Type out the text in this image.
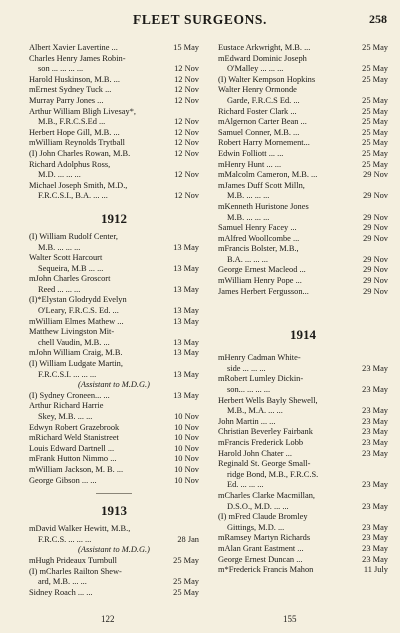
FLEET SURGEONS.	258
Albert Xavier Lavertine ...	15 May
Charles Henry James Robin-
son ... ... ... ...	12 Nov
Harold Huskinson, M.B. ...	12 Nov
mErnest Sydney Tuck ...	12 Nov
Murray Parry Jones ...	12 Nov
Arthur William Bligh Livesay*,
M.B., F.R.C.S.Ed ...	12 Nov
Herbert Hope Gill, M.B. ...	12 Nov
mWilliam Reynolds Trytball	12 Nov
(I) John Charles Rowan, M.B.	12 Nov
Richard Adolphus Ross,
M.D. ... ... ...	12 Nov
Michael Joseph Smith, M.D.,
F.R.C.S.I., B.A. ... ...	12 Nov
1912
(I) William Rudolf Center,
M.B. ... ... ...	13 May
Walter Scott Harcourt
Sequeira, M.B ... ...	13 May
mJohn Charles Groscort
Reed ... ... ...	13 May
(I)*Elystan Glodrydd Evelyn
O'Leary, F.R.C.S. Ed. ...	13 May
mWilliam Elmes Mathew ...	13 May
Matthew Livingston Mit-
chell Vaudin, M.B. ...	13 May
mJohn William Craig, M.B.	13 May
(I) William Ludgate Martin,
F.R.C.S.I. ... ... ...	13 May
(Assistant to M.D.G.)
(I) Sydney Croneen... ...	13 May
Arthur Richard Harrie
Skey, M.B. ... ...	10 Nov
Edwyn Robert Grazebrook	10 Nov
mRichard Weld Stanistreet	10 Nov
Louis Edward Dartnell ...	10 Nov
mFrank Hutton Nimmo ...	10 Nov
mWilliam Jackson, M. B. ...	10 Nov
George Gibson ... ...	10 Nov
1913
mDavid Walker Hewitt, M.B.,
F.R.C.S. ... ... ...	28 Jan
(Assistant to M.D.G.)
mHugh Prideaux Turnbull	25 May
(I) mCharles Railton Shew-
ard, M.B. ... ...	25 May
Sidney Roach ... ...	25 May
Eustace Arkwright, M.B. ...	25 May
mEdward Dominic Joseph
O'Malley ... ... ...	25 May
(I) Walter Kempson Hopkins	25 May
Walter Henry Ormonde
Garde, F.R.C.S Ed. ...	25 May
Richard Foster Clark ...	25 May
mAlgernon Carter Bean ...	25 May
Samuel Conner, M.B. ...	25 May
Robert Harry Mornement...	25 May
Edwin Folliott ... ...	25 May
mHenry Hunt ... ...	25 May
mMalcolm Cameron, M.B. ...	29 Nov
mJames Duff Scott Milln,
M.B. ... ... ...	29 Nov
mKenneth Huristone Jones
M.B. ... ... ...	29 Nov
Samuel Henry Facey ...	29 Nov
mAlfred Woollcombe ...	29 Nov
mFrancis Bolster, M.B.,
B.A. ... ... ...	29 Nov
George Ernest Macleod ...	29 Nov
mWilliam Henry Pope ...	29 Nov
James Herbert Fergusson...	29 Nov
1914
mHenry Cadman White-
side ... ... ...	23 May
mRobert Lumley Dickin-
son... ... ... ...	23 May
Herbert Wells Bayly Shewell,
M.B., M.A. ... ...	23 May
John Martin ... ...	23 May
Christian Beverley Fairbank	23 May
mFrancis Frederick Lobb	23 May
Harold John Chater ...	23 May
Reginald St. George Small-
ridge Bond, M.B., F.R.C.S.
Ed. ... ... ...	23 May
mCharles Clarke Macmillan,
D.S.O., M.D. ... ...	23 May
(I) mFred Claude Bromley
Gittings, M.D. ...	23 May
mRamsey Martyn Richards	23 May
mAlan Grant Eastment ...	23 May
George Ernest Duncan ...	23 May
m*Frederick Francis Mahon	11 July
122	155
